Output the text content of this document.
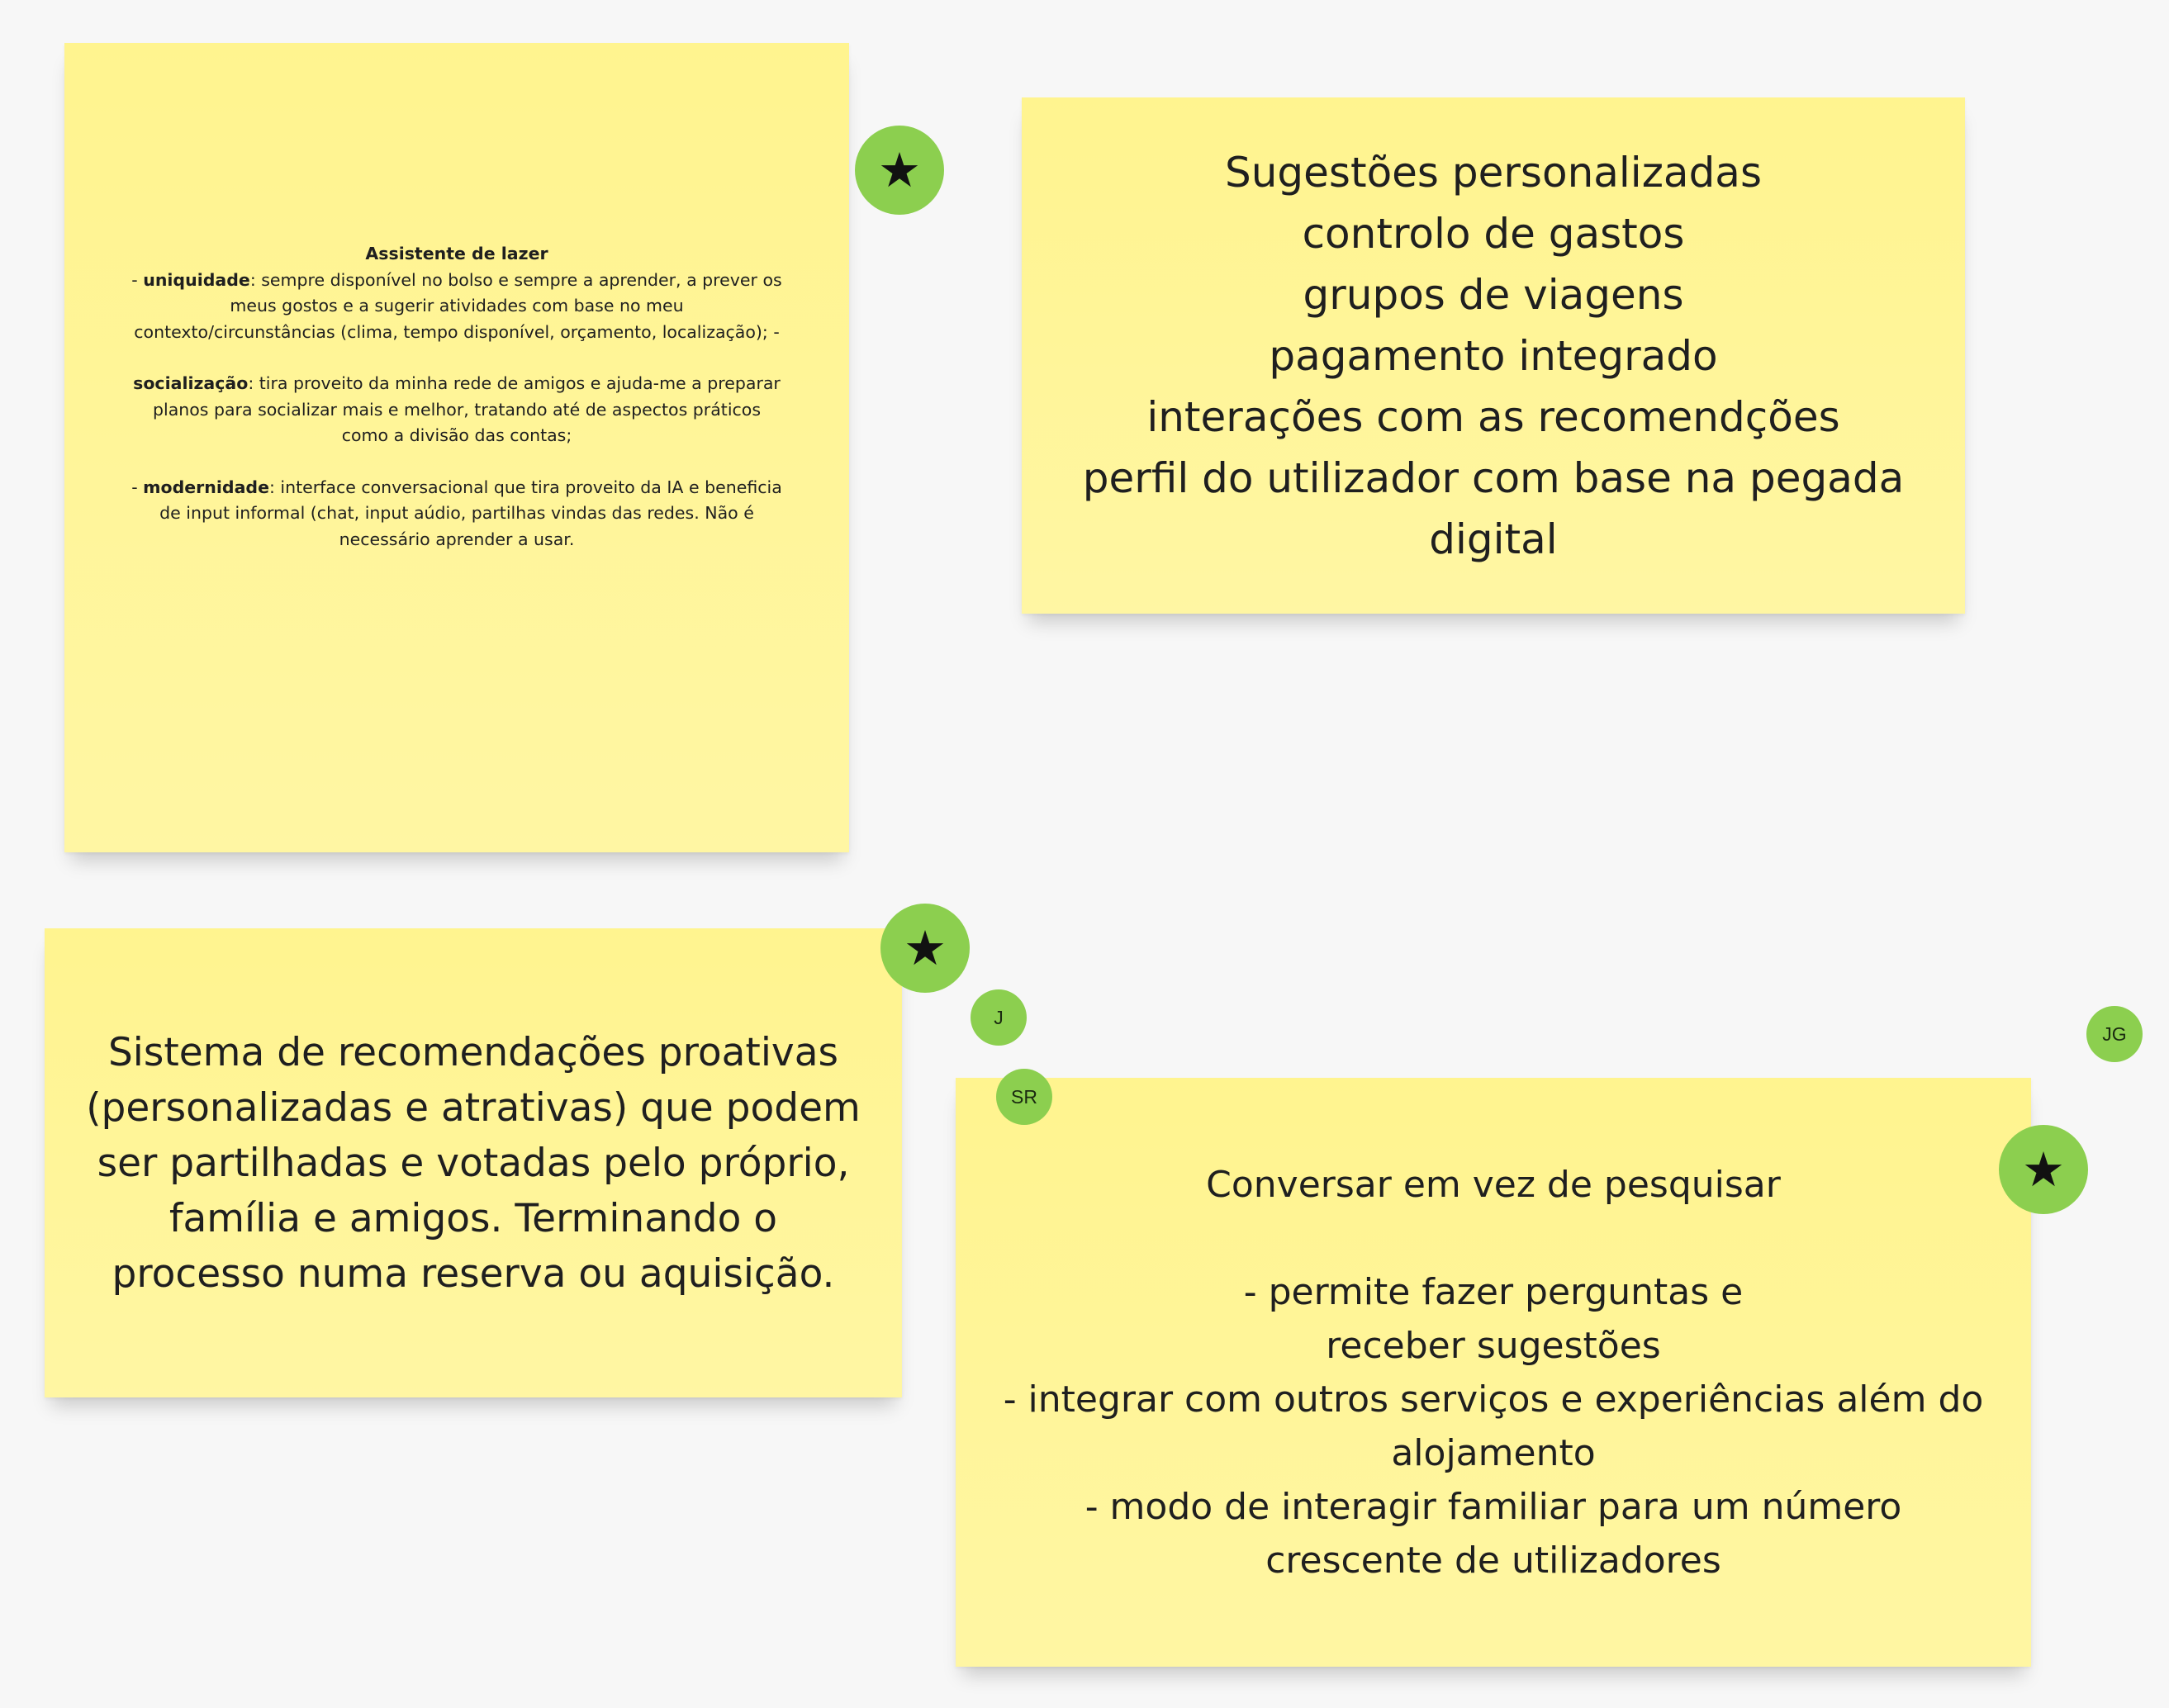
Assistente de lazer
- uniquidade: sempre disponível no bolso e sempre a aprender, a prever os meus gostos e a sugerir atividades com base no meu contexto/circunstâncias (clima, tempo disponível, orçamento, localização); -
socialização: tira proveito da minha rede de amigos e ajuda-me a preparar planos para socializar mais e melhor, tratando até de aspectos práticos como a divisão das contas;
- modernidade: interface conversacional que tira proveito da IA e beneficia de input informal (chat, input aúdio, partilhas vindas das redes. Não é necessário aprender a usar.
★	Sugestões personalizadas
controlo de gastos
grupos de viagens
pagamento integrado
interações com as recomendções
perfil do utilizador com base na pegada digital
Sistema de recomendações proativas (personalizadas e atrativas) que podem ser partilhadas e votadas pelo próprio, família e amigos. Terminando o processo numa reserva ou aquisição.
★
J
Conversar em vez de pesquisar

- permite fazer perguntas e
receber sugestões
- integrar com outros serviços e experiências além do alojamento
- modo de interagir familiar para um número crescente de utilizadores
SR
JG
★
